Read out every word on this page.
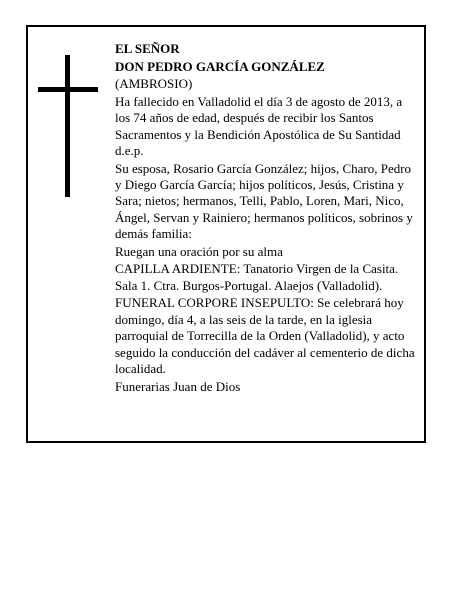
EL SEÑOR

DON PEDRO GARCÍA GONZÁLEZ

(AMBROSIO)

Ha fallecido en Valladolid el día 3 de agosto de 2013, a los 74 años de edad, después de recibir los Santos Sacramentos y la Bendición Apostólica de Su Santidad d.e.p.

Su esposa, Rosario García González; hijos, Charo, Pedro y Diego García García; hijos políticos, Jesús, Cristina y Sara; nietos; hermanos, Telli, Pablo, Loren, Mari, Nico, Ángel, Servan y Rainiero; hermanos políticos, sobrinos y demás familia:

Ruegan una oración por su alma

CAPILLA ARDIENTE: Tanatorio Virgen de la Casita. Sala 1. Ctra. Burgos-Portugal. Alaejos (Valladolid).

FUNERAL CORPORE INSEPULTO: Se celebrará hoy domingo, día 4, a las seis de la tarde, en la iglesia parroquial de Torrecilla de la Orden (Valladolid), y acto seguido la conducción del cadáver al cementerio de dicha localidad.

Funerarias Juan de Dios
